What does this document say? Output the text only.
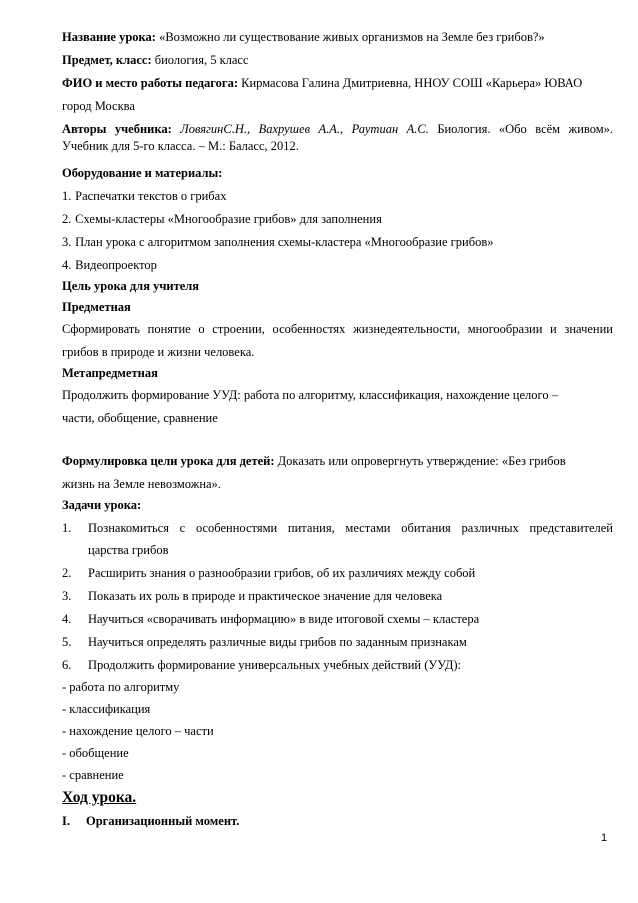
Название урока: «Возможно ли существование живых организмов на Земле без грибов?»
Предмет, класс: биология, 5 класс
ФИО и место работы педагога: Кирмасова Галина Дмитриевна, ННОУ СОШ «Карьера» ЮВАО
город Москва
Авторы учебника: ЛовягинС.Н., Вахрушев А.А., Раутиан А.С. Биология. «Обо всём живом».
Учебник для 5-го класса. – М.: Баласс, 2012.
Оборудование и материалы:
1. Распечатки текстов о грибах
2. Схемы-кластеры «Многообразие грибов» для заполнения
3. План урока с алгоритмом заполнения схемы-кластера «Многообразие грибов»
4. Видеопроектор
Цель урока для учителя
Предметная
Сформировать понятие о строении, особенностях жизнедеятельности, многообразии и значении
грибов в природе и жизни человека.
Метапредметная
Продолжить формирование УУД: работа по алгоритму, классификация, нахождение целого –
части, обобщение, сравнение
Формулировка цели урока для детей: Доказать или опровергнуть утверждение: «Без грибов
жизнь на Земле невозможна».
Задачи урока:
1. Познакомиться с особенностями питания, местами обитания различных представителей
царства грибов
2. Расширить знания о разнообразии грибов, об их различиях между собой
3. Показать их роль в природе и практическое значение для человека
4. Научиться «сворачивать информацию» в виде итоговой схемы – кластера
5. Научиться определять различные виды грибов по заданным признакам
6. Продолжить формирование универсальных учебных действий (УУД):
- работа по алгоритму
- классификация
- нахождение целого – части
- обобщение
- сравнение
Ход урока.
I. Организационный момент.
1
